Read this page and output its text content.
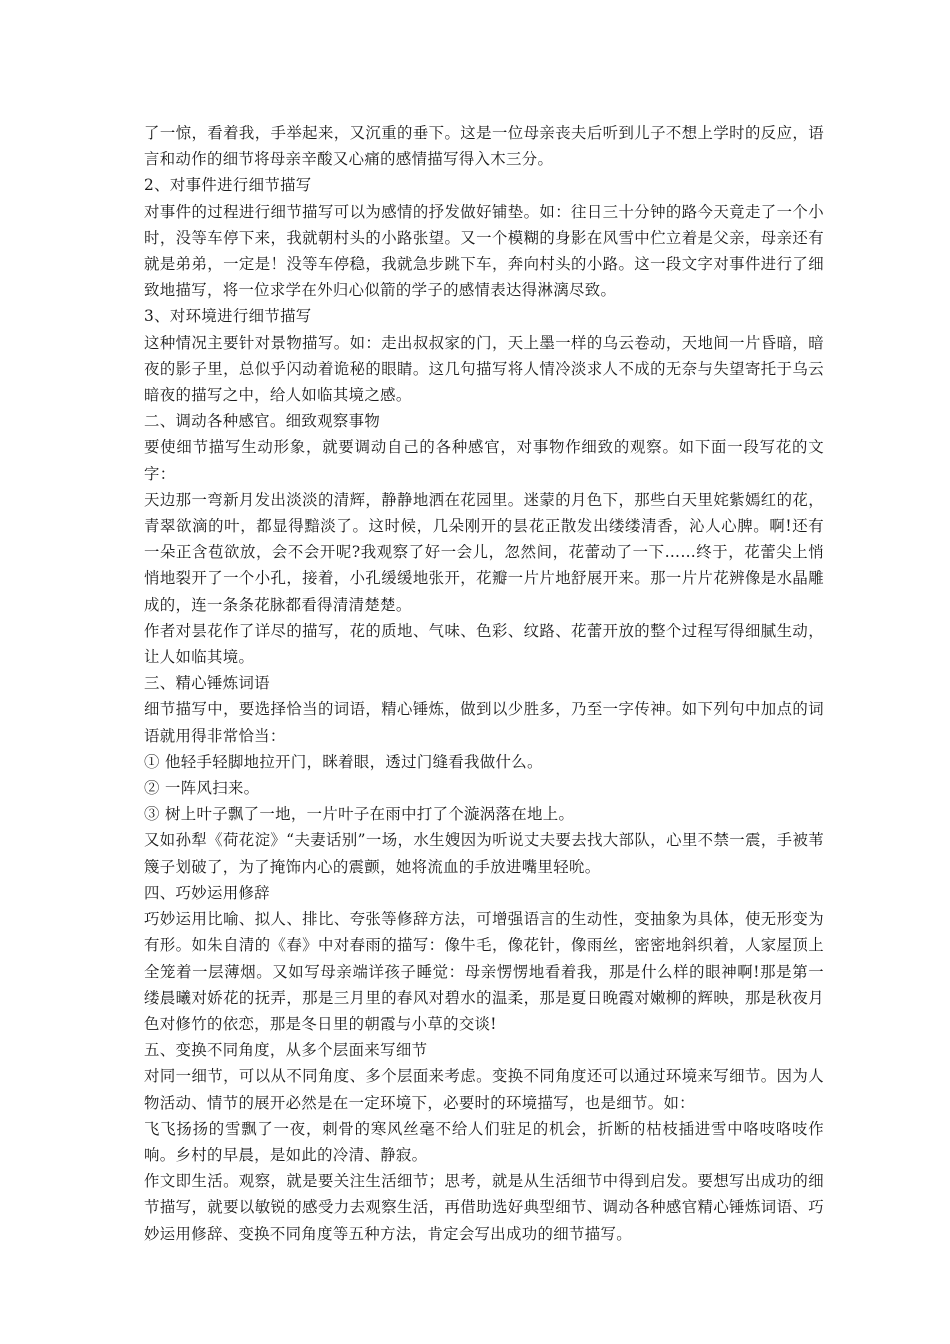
了一惊，看着我，手举起来，又沉重的垂下。这是一位母亲丧夫后听到儿子不想上学时的反应，语言和动作的细节将母亲辛酸又心痛的感情描写得入木三分。

2、对事件进行细节描写

对事件的过程进行细节描写可以为感情的抒发做好铺垫。如：往日三十分钟的路今天竟走了一个小时，没等车停下来，我就朝村头的小路张望。又一个模糊的身影在风雪中伫立着是父亲，母亲还有就是弟弟，一定是！没等车停稳，我就急步跳下车，奔向村头的小路。这一段文字对事件进行了细致地描写，将一位求学在外归心似箭的学子的感情表达得淋漓尽致。

3、对环境进行细节描写

这种情况主要针对景物描写。如：走出叔叔家的门，天上墨一样的乌云卷动，天地间一片昏暗，暗夜的影子里，总似乎闪动着诡秘的眼睛。这几句描写将人情冷淡求人不成的无奈与失望寄托于乌云暗夜的描写之中，给人如临其境之感。

二、调动各种感官。细致观察事物

要使细节描写生动形象，就要调动自己的各种感官，对事物作细致的观察。如下面一段写花的文字：

天边那一弯新月发出淡淡的清辉，静静地洒在花园里。迷蒙的月色下，那些白天里姹紫嫣红的花，青翠欲滴的叶，都显得黯淡了。这时候，几朵刚开的昙花正散发出缕缕清香，沁人心脾。啊!还有一朵正含苞欲放，会不会开呢?我观察了好一会儿，忽然间，花蕾动了一下……终于，花蕾尖上悄悄地裂开了一个小孔，接着，小孔缓缓地张开，花瓣一片片地舒展开来。那一片片花辨像是水晶雕成的，连一条条花脉都看得清清楚楚。

作者对昙花作了详尽的描写，花的质地、气味、色彩、纹路、花蕾开放的整个过程写得细腻生动，让人如临其境。

三、精心锤炼词语

细节描写中，要选择恰当的词语，精心锤炼，做到以少胜多，乃至一字传神。如下列句中加点的词语就用得非常恰当：

① 他轻手轻脚地拉开门，眯着眼，透过门缝看我做什么。

② 一阵风扫来。

③ 树上叶子飘了一地，一片叶子在雨中打了个漩涡落在地上。

又如孙犁《荷花淀》“夫妻话别”一场，水生嫂因为听说丈夫要去找大部队，心里不禁一震，手被苇篾子划破了，为了掩饰内心的震颤，她将流血的手放进嘴里轻吮。

四、巧妙运用修辞

巧妙运用比喻、拟人、排比、夸张等修辞方法，可增强语言的生动性，变抽象为具体，使无形变为有形。如朱自清的《春》中对春雨的描写：像牛毛，像花针，像雨丝，密密地斜织着，人家屋顶上全笼着一层薄烟。又如写母亲端详孩子睡觉：母亲愣愣地看着我，那是什么样的眼神啊!那是第一缕晨曦对娇花的抚弄，那是三月里的春风对碧水的温柔，那是夏日晚霞对嫩柳的辉映，那是秋夜月色对修竹的依恋，那是冬日里的朝霞与小草的交谈!

五、变换不同角度，从多个层面来写细节

对同一细节，可以从不同角度、多个层面来考虑。变换不同角度还可以通过环境来写细节。因为人物活动、情节的展开必然是在一定环境下，必要时的环境描写，也是细节。如：

飞飞扬扬的雪飘了一夜，刺骨的寒风丝毫不给人们驻足的机会，折断的枯枝插进雪中咯吱咯吱作响。乡村的早晨，是如此的冷清、静寂。

作文即生活。观察，就是要关注生活细节；思考，就是从生活细节中得到启发。要想写出成功的细节描写，就要以敏锐的感受力去观察生活，再借助选好典型细节、调动各种感官精心锤炼词语、巧妙运用修辞、变换不同角度等五种方法，肯定会写出成功的细节描写。
